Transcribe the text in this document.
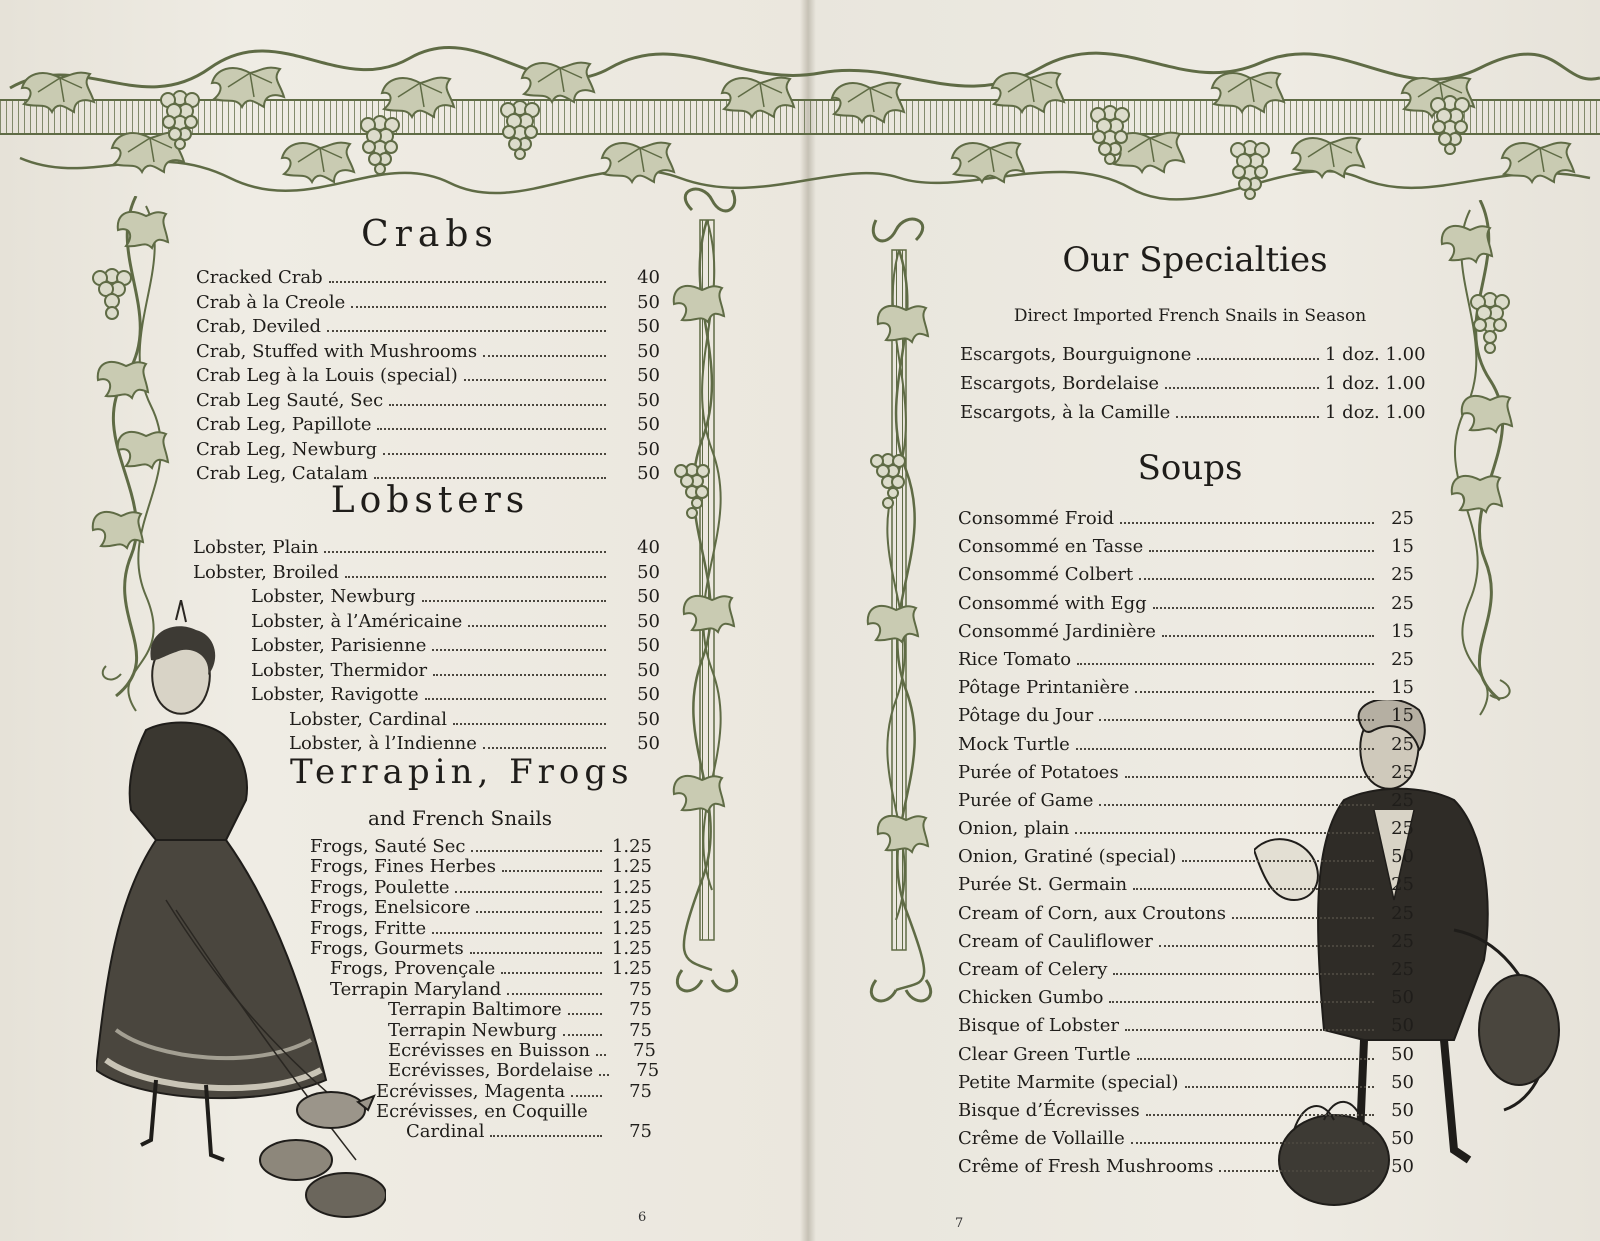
Crabs
Cracked Crab	40
Crab à la Creole	50
Crab, Deviled	50
Crab, Stuffed with Mushrooms	50
Crab Leg à la Louis (special)	50
Crab Leg Sauté, Sec	50
Crab Leg, Papillote	50
Crab Leg, Newburg	50
Crab Leg, Catalam	50
Lobsters
Lobster, Plain	40
Lobster, Broiled	50
Lobster, Newburg	50
Lobster, à l’Américaine	50
Lobster, Parisienne	50
Lobster, Thermidor	50
Lobster, Ravigotte	50
Lobster, Cardinal	50
Lobster, à l’Indienne	50
Terrapin, Frogs
and French Snails
Frogs, Sauté Sec	1.25
Frogs, Fines Herbes	1.25
Frogs, Poulette	1.25
Frogs, Enelsicore	1.25
Frogs, Fritte	1.25
Frogs, Gourmets	1.25
Frogs, Provençale	1.25
Terrapin Maryland	75
Terrapin Baltimore	75
Terrapin Newburg	75
Ecrévisses en Buisson	75
Ecrévisses, Bordelaise	75
Ecrévisses, Magenta	75
Ecrévisses, en Coquille
Cardinal	75
6
Our Specialties
Direct Imported French Snails in Season
Escargots, Bourguignone	1 doz. 1.00
Escargots, Bordelaise	1 doz. 1.00
Escargots, à la Camille	1 doz. 1.00
Soups
Consommé Froid	25
Consommé en Tasse	15
Consommé Colbert	25
Consommé with Egg	25
Consommé Jardinière	15
Rice Tomato	25
Pôtage Printanière	15
Pôtage du Jour	15
Mock Turtle	25
Purée of Potatoes	25
Purée of Game	25
Onion, plain	25
Onion, Gratiné (special)	50
Purée St. Germain	25
Cream of Corn, aux Croutons	25
Cream of Cauliflower	25
Cream of Celery	25
Chicken Gumbo	50
Bisque of Lobster	50
Clear Green Turtle	50
Petite Marmite (special)	50
Bisque d’Écrevisses	50
Crême de Vollaille	50
Crême of Fresh Mushrooms	50
7
